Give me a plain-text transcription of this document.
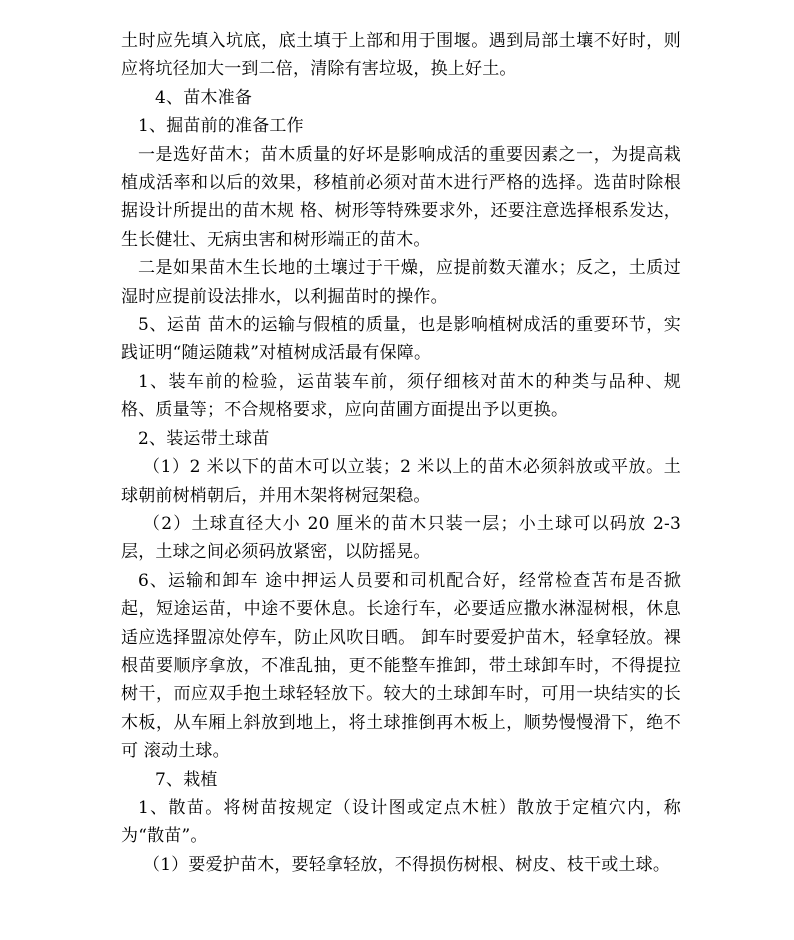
土时应先填入坑底，底土填于上部和用于围堰。遇到局部土壤不好时，则应将坑径加大一到二倍，清除有害垃圾，换上好土。

4、苗木准备

1、掘苗前的准备工作

一是选好苗木；苗木质量的好坏是影响成活的重要因素之一，为提高栽植成活率和以后的效果，移植前必须对苗木进行严格的选择。选苗时除根据设计所提出的苗木规 格、树形等特殊要求外，还要注意选择根系发达，生长健壮、无病虫害和树形端正的苗木。

二是如果苗木生长地的土壤过于干燥，应提前数天灌水；反之，土质过湿时应提前设法排水，以利掘苗时的操作。

5、运苗 苗木的运输与假植的质量，也是影响植树成活的重要环节，实践证明“随运随栽”对植树成活最有保障。

1、装车前的检验，运苗装车前，须仔细核对苗木的种类与品种、规格、质量等；不合规格要求，应向苗圃方面提出予以更换。

2、装运带土球苗

（1）2 米以下的苗木可以立装；2 米以上的苗木必须斜放或平放。土球朝前树梢朝后，并用木架将树冠架稳。

（2）土球直径大小 20 厘米的苗木只装一层；小土球可以码放 2-3 层，土球之间必须码放紧密，以防摇晃。

6、运输和卸车 途中押运人员要和司机配合好，经常检查苫布是否掀起，短途运苗，中途不要休息。长途行车，必要适应撒水淋湿树根，休息适应选择盟凉处停车，防止风吹日晒。 卸车时要爱护苗木，轻拿轻放。裸根苗要顺序拿放，不准乱抽，更不能整车推卸，带土球卸车时，不得提拉树干，而应双手抱土球轻轻放下。较大的土球卸车时，可用一块结实的长木板，从车厢上斜放到地上，将土球推倒再木板上，顺势慢慢滑下，绝不可 滚动土球。

7、栽植

1、散苗。将树苗按规定（设计图或定点木桩）散放于定植穴内，称为“散苗”。

（1）要爱护苗木，要轻拿轻放，不得损伤树根、树皮、枝干或土球。
